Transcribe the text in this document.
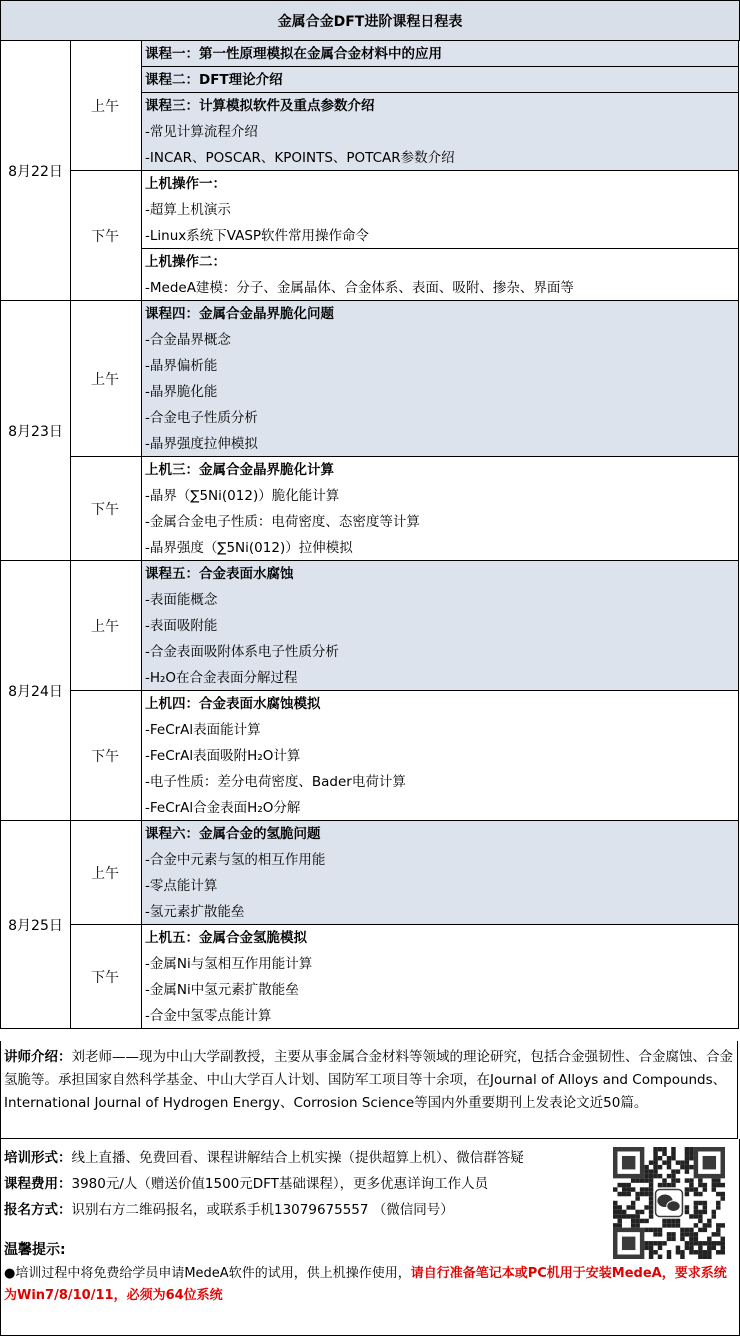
金属合金DFT进阶课程日程表
课程一：第一性原理模拟在金属合金材料中的应用
课程二：DFT理论介绍
课程三：计算模拟软件及重点参数介绍
-常见计算流程介绍
-INCAR、POSCAR、KPOINTS、POTCAR参数介绍
上午
上机操作一：
-超算上机演示
-Linux系统下VASP软件常用操作命令
上机操作二：
-MedeA建模：分子、金属晶体、合金体系、表面、吸附、掺杂、界面等
下午
8月22日
课程四：金属合金晶界脆化问题
-合金晶界概念
-晶界偏析能
-晶界脆化能
-合金电子性质分析
-晶界强度拉伸模拟
上午
上机三：金属合金晶界脆化计算
-晶界（∑5Ni(012)）脆化能计算
-金属合金电子性质：电荷密度、态密度等计算
-晶界强度（∑5Ni(012)）拉伸模拟
下午
8月23日
课程五：合金表面水腐蚀
-表面能概念
-表面吸附能
-合金表面吸附体系电子性质分析
-H₂O在合金表面分解过程
上午
上机四：合金表面水腐蚀模拟
-FeCrAl表面能计算
-FeCrAl表面吸附H₂O计算
-电子性质：差分电荷密度、Bader电荷计算
-FeCrAl合金表面H₂O分解
下午
8月24日
课程六：金属合金的氢脆问题
-合金中元素与氢的相互作用能
-零点能计算
-氢元素扩散能垒
上午
上机五：金属合金氢脆模拟
-金属Ni与氢相互作用能计算
-金属Ni中氢元素扩散能垒
-合金中氢零点能计算
下午
8月25日
讲师介绍：刘老师——现为中山大学副教授，主要从事金属合金材料等领域的理论研究，包括合金强韧性、合金腐蚀、合金氢脆等。承担国家自然科学基金、中山大学百人计划、国防军工项目等十余项，在Journal of Alloys and Compounds、International Journal of Hydrogen Energy、Corrosion Science等国内外重要期刊上发表论文近50篇。
培训形式：线上直播、免费回看、课程讲解结合上机实操（提供超算上机）、微信群答疑
课程费用：3980元/人（赠送价值1500元DFT基础课程），更多优惠详询工作人员
报名方式：识别右方二维码报名，或联系手机13079675557 （微信同号）
温馨提示:
●培训过程中将免费给学员申请MedeA软件的试用，供上机操作使用，请自行准备笔记本或PC机用于安装MedeA，要求系统为Win7/8/10/11，必须为64位系统
